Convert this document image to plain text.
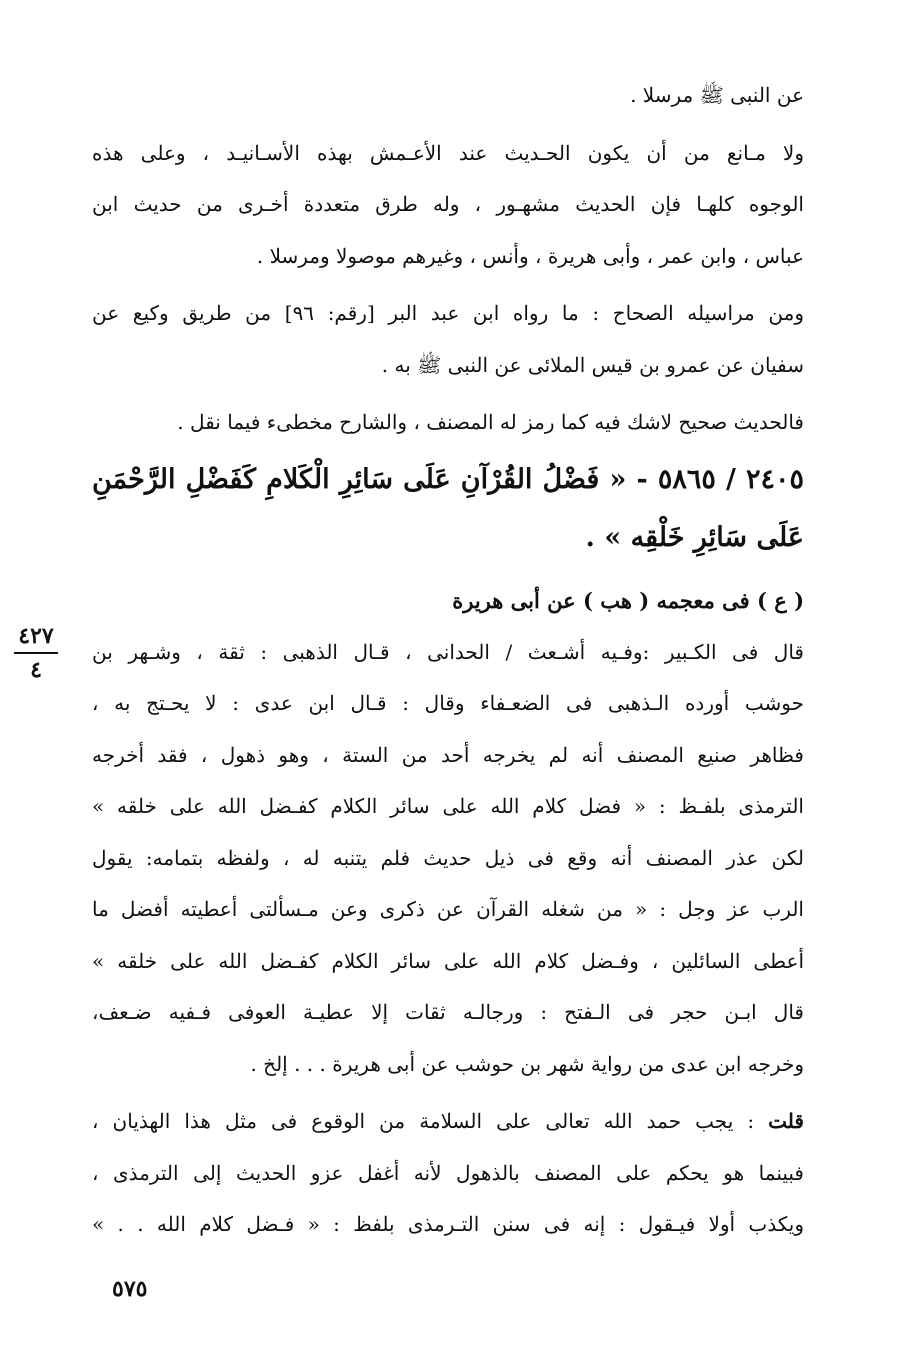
عن النبى ﷺ مرسلا .
ولا مـانع من أن يكون الحـديث عند الأعـمش بهذه الأسـانيـد ، وعلى هذه
الوجوه كلهـا فإن الحديث مشهـور ، وله طرق متعددة أخـرى من حديث ابن
عباس ، وابن عمر ، وأبى هريرة ، وأنس ، وغيرهم موصولا ومرسلا .
ومن مراسيله الصحاح : ما رواه ابن عبد البر [رقم: ٩٦] من طريق وكيع عن
سفيان عن عمرو بن قيس الملائى عن النبى ﷺ به .
فالحديث صحيح لاشك فيه كما رمز له المصنف ، والشارح مخطىء فيما نقل .
٢٤٠٥ / ٥٨٦٥ - « فَضْلُ القُرْآنِ عَلَى سَائِرِ الْكَلامِ كَفَضْلِ الرَّحْمَنِ
عَلَى سَائِرِ خَلْقِه » .
( ع ) فى معجمه ( هب ) عن أبى هريرة
قال فى الكـبير :وفـيه أشـعث / الحدانى ، قـال الذهبى : ثقة ، وشـهر بن
حوشب أورده الـذهبى فى الضعـفاء وقال : قـال ابن عدى : لا يحـتج به ،
فظاهر صنيع المصنف أنه لم يخرجه أحد من الستة ، وهو ذهول ، فقد أخرجه
الترمذى بلفـظ : « فضل كلام الله على سائر الكلام كفـضل الله على خلقه »
لكن عذر المصنف أنه وقع فى ذيل حديث فلم يتنبه له ، ولفظه بتمامه: يقول
الرب عز وجل : « من شغله القرآن عن ذكرى وعن مـسألتى أعطيته أفضل ما
أعطى السائلين ، وفـضل كلام الله على سائر الكلام كفـضل الله على خلقه »
قال ابـن حجر فى الـفتح : ورجالـه ثقات إلا عطيـة العوفى فـفيه ضـعف،
وخرجه ابن عدى من رواية شهر بن حوشب عن أبى هريرة . . . إلخ .
قلت : يجب حمد الله تعالى على السلامة من الوقوع فى مثل هذا الهذيان ،
فبينما هو يحكم على المصنف بالذهول لأنه أغفل عزو الحديث إلى الترمذى ،
ويكذب أولا فيـقول : إنه فى سنن التـرمذى بلفظ : « فـضل كلام الله . . »
٤٢٧
٤
٥٧٥
